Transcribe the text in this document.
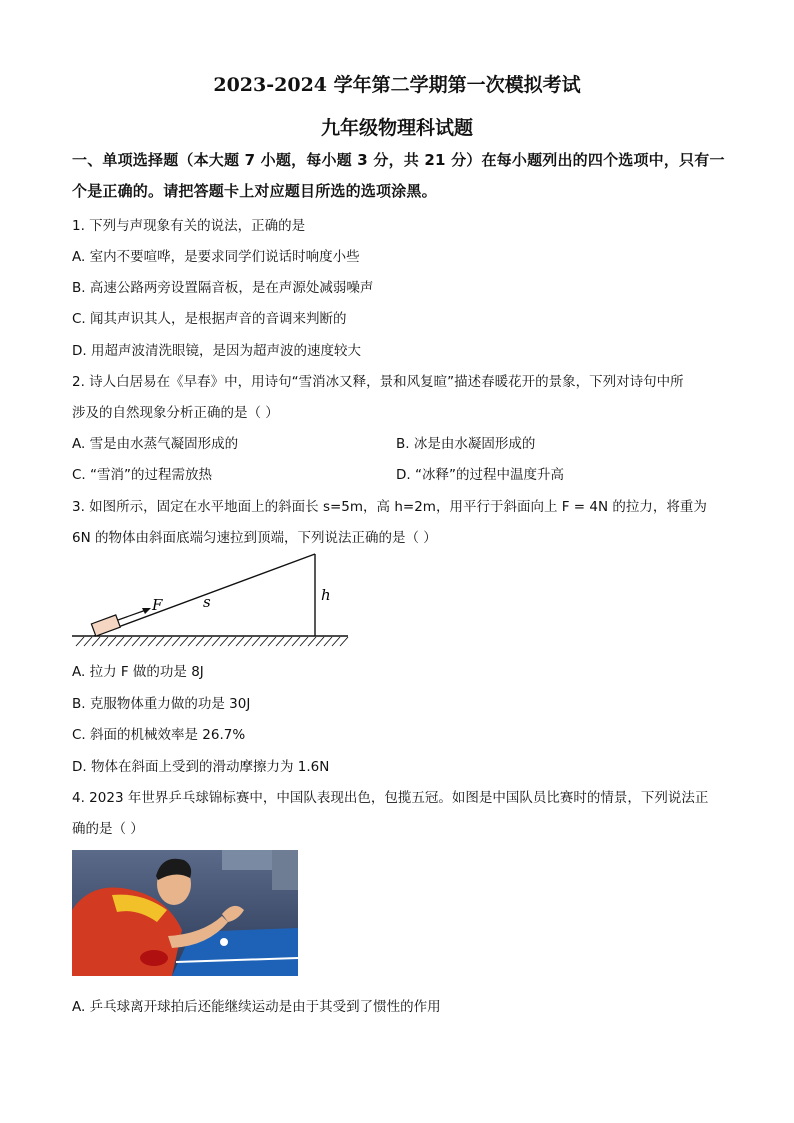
2023-2024 学年第二学期第一次模拟考试
九年级物理科试题
一、单项选择题（本大题 7 小题，每小题 3 分，共 21 分）在每小题列出的四个选项中，只有一个是正确的。请把答题卡上对应题目所选的选项涂黑。
1. 下列与声现象有关的说法，正确的是
A. 室内不要喧哗，是要求同学们说话时响度小些
B. 高速公路两旁设置隔音板，是在声源处减弱噪声
C. 闻其声识其人，是根据声音的音调来判断的
D. 用超声波清洗眼镜，是因为超声波的速度较大
2. 诗人白居易在《早春》中，用诗句“雪消冰又释，景和风复暄”描述春暖花开的景象，下列对诗句中所
涉及的自然现象分析正确的是（ ）
A. 雪是由水蒸气凝固形成的	B. 冰是由水凝固形成的
C. “雪消”的过程需放热	D. “冰释”的过程中温度升高
3. 如图所示，固定在水平地面上的斜面长 s=5m，高 h=2m，用平行于斜面向上 F = 4N 的拉力，将重为
6N 的物体由斜面底端匀速拉到顶端，下列说法正确的是（ ）
F	s	h
A. 拉力 F 做的功是 8J
B. 克服物体重力做的功是 30J
C. 斜面的机械效率是 26.7%
D. 物体在斜面上受到的滑动摩擦力为 1.6N
4. 2023 年世界乒乓球锦标赛中，中国队表现出色，包揽五冠。如图是中国队员比赛时的情景，下列说法正
确的是（ ）
A. 乒乓球离开球拍后还能继续运动是由于其受到了惯性的作用
